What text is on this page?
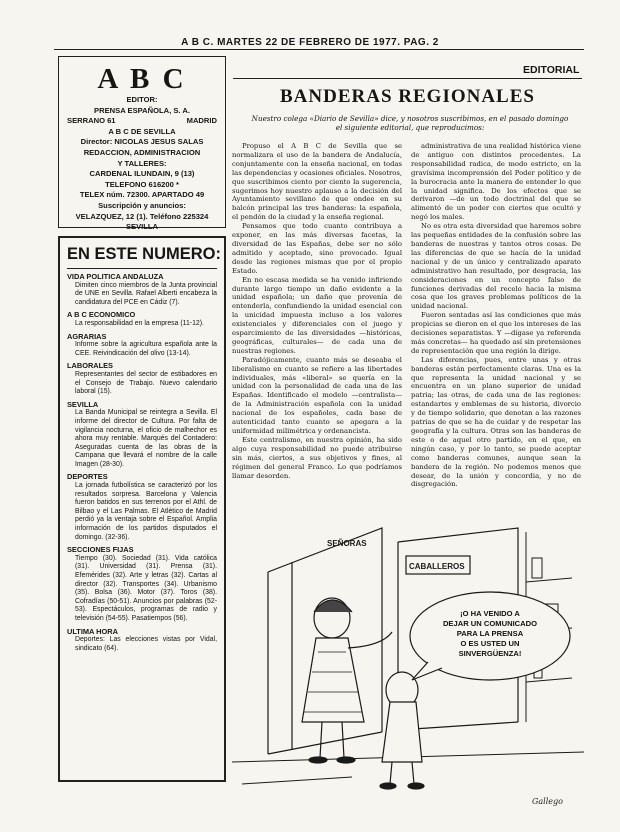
A B C. MARTES 22 DE FEBRERO DE 1977. PAG. 2
A B C
EDITOR:
PRENSA ESPAÑOLA, S. A.
SERRANO 61	MADRID
A B C DE SEVILLA
Director: NICOLAS JESUS SALAS
REDACCION, ADMINISTRACION
Y TALLERES:
CARDENAL ILUNDAIN, 9 (13)
TELEFONO 616200 *
TELEX núm. 72300. APARTADO 49
Suscripción y anuncios:
VELAZQUEZ, 12 (1). Teléfono 225324
SEVILLA
EN ESTE NUMERO:
VIDA POLITICA ANDALUZA
Dimiten cinco miembros de la Junta provincial de UNE en Sevilla. Rafael Alberti encabeza la candidatura del PCE en Cádiz (7).
A B C ECONOMICO
La responsabilidad en la empresa (11-12).
AGRARIAS
Informe sobre la agricultura española ante la CEE. Reivindicación del olivo (13-14).
LABORALES
Representantes del sector de estibadores en el Consejo de Trabajo. Nuevo calendario laboral (15).
SEVILLA
La Banda Municipal se reintegra a Sevilla. El informe del director de Cultura. Por falta de vigilancia nocturna, el oficio de malhechor es ahora muy rentable. Marqués del Contadero: Aseguradas cuenta de las obras de la Campana que llevará el nombre de la calle Imagen (28-30).
DEPORTES
La jornada futbolística se caracterizó por los resultados sorpresa. Barcelona y Valencia fueron batidos en sus terrenos por el Athl. de Bilbao y el Las Palmas. El Atlético de Madrid perdió ya la ventaja sobre el Español. Amplia información de los partidos disputados el domingo. (32-36).
SECCIONES FIJAS
Tiempo (30). Sociedad (31). Vida católica (31). Universidad (31). Prensa (31). Efemérides (32). Arte y letras (32). Cartas al director (32). Transportes (34). Urbanismo (35). Bolsa (36). Motor (37). Toros (38). Cofradías (50-51). Anuncios por palabras (52-53). Espectáculos, programas de radio y televisión (54-55). Pasatiempos (56).
ULTIMA HORA
Deportes: Las elecciones vistas por Vidal, sindicato (64).
EDITORIAL
BANDERAS REGIONALES
Nuestro colega «Diario de Sevilla» dice, y nosotros suscribimos, en el pasado domingo el siguiente editorial, que reproducimos:

Propuso el A B C de Sevilla que se normalizara el uso de la bandera de Andalucía, conjuntamente con la enseña nacional, en todas las dependencias y ocasiones oficiales. Nosotros, que suscribimos ciento por ciento la sugerencia, sugerimos hoy nuestro aplauso a la decisión del Ayuntamiento sevillano de que ondee en su balcón principal las tres banderas: la española, el pendón de la ciudad y la enseña regional.

Pensamos que todo cuanto contribuya a exponer, en las más diversas facetas, la diversidad de las Españas, debe ser no sólo admitido y aceptado, sino provocado. Igual desde las regiones mismas que por el propio Estado.

En no escasa medida se ha venido infiriendo durante largo tiempo un daño evidente a la unidad española; un daño que provenía de entenderla, confundiendo la unidad esencial con la unicidad impuesta incluso a los valores existenciales y diferenciales con el juego y esparcimiento de las diversidades —históricas, geográficas, culturales— de cada una de nuestras regiones.

Paradójicamente, cuanto más se deseaba el liberalismo en cuanto se refiere a las libertades individuales, más «liberal» se quería en la unidad con la personalidad de cada una de las Españas. Identificado el modelo —centralista— de la Administración española con la unidad nacional de los españoles, cada base de autenticidad tanto cuanto se apegara a la uniformidad milimétrica y ordenancista.

Este centralismo, en nuestra opinión, ha sido algo cuya responsabilidad no puede atribuirse sin más, ciertos, a sus objetivos y fines, al régimen del general Franco. Lo que podríamos llamar desorden.

administrativa de una realidad histórica viene de antiguo con distintos procedentes. La responsabilidad radica, de modo estricto, en la gravísima incomprensión del Poder político y de la burocracia ante la manera de entender lo que la unidad significa. De los efectos que se derivaron —de un todo doctrinal del que se alimentó de un poder con ciertos que ocultó y negó los males.

No es otra esta diversidad que haremos sobre las pequeñas entidades de la confusión sobre las banderas de nuestras y tantos otros cosas. De las diferencias de que se hacía de la unidad nacional y de un único y centralizado aparato administrativo han resultado, por desgracia, las consideraciones en un concepto falso de funciones derivadas del recelo hacia la misma cosa que los graves problemas políticos de la unidad nacional.

Fueron sentadas así las condiciones que más propicias se dieron en el que los intereses de las decisiones separatistas. Y —dígase ya referenda más concretas— ha quedado así sin pretensiones de representación que una región la dirige.

Las diferencias, pues, entre unas y otras banderas están perfectamente claras. Una es la que representa la unidad nacional y se encuentra en un plano superior de unidad patria; las otras, de cada una de las regiones: estandartes y emblemas de su historia, divorcio y de tiempo solidario, que denotan a las razones patrias de que se ha de cuidar y de respetar las geografía y la cultura. Otras son las banderas de este o de aquel otro partido, en el que, en ningún caso, y por lo tanto, se puede aceptar como banderas comunes, aunque sean la bandera de la región. No podemos menos que desear, de la unión y concordia, y no de disgregación.

SEÑORAS
CABALLEROS
¡O HA VENIDO A
DEJAR UN COMUNICADO
PARA LA PRENSA
O ES USTED UN
SINVERGÜENZA!
Gallego
